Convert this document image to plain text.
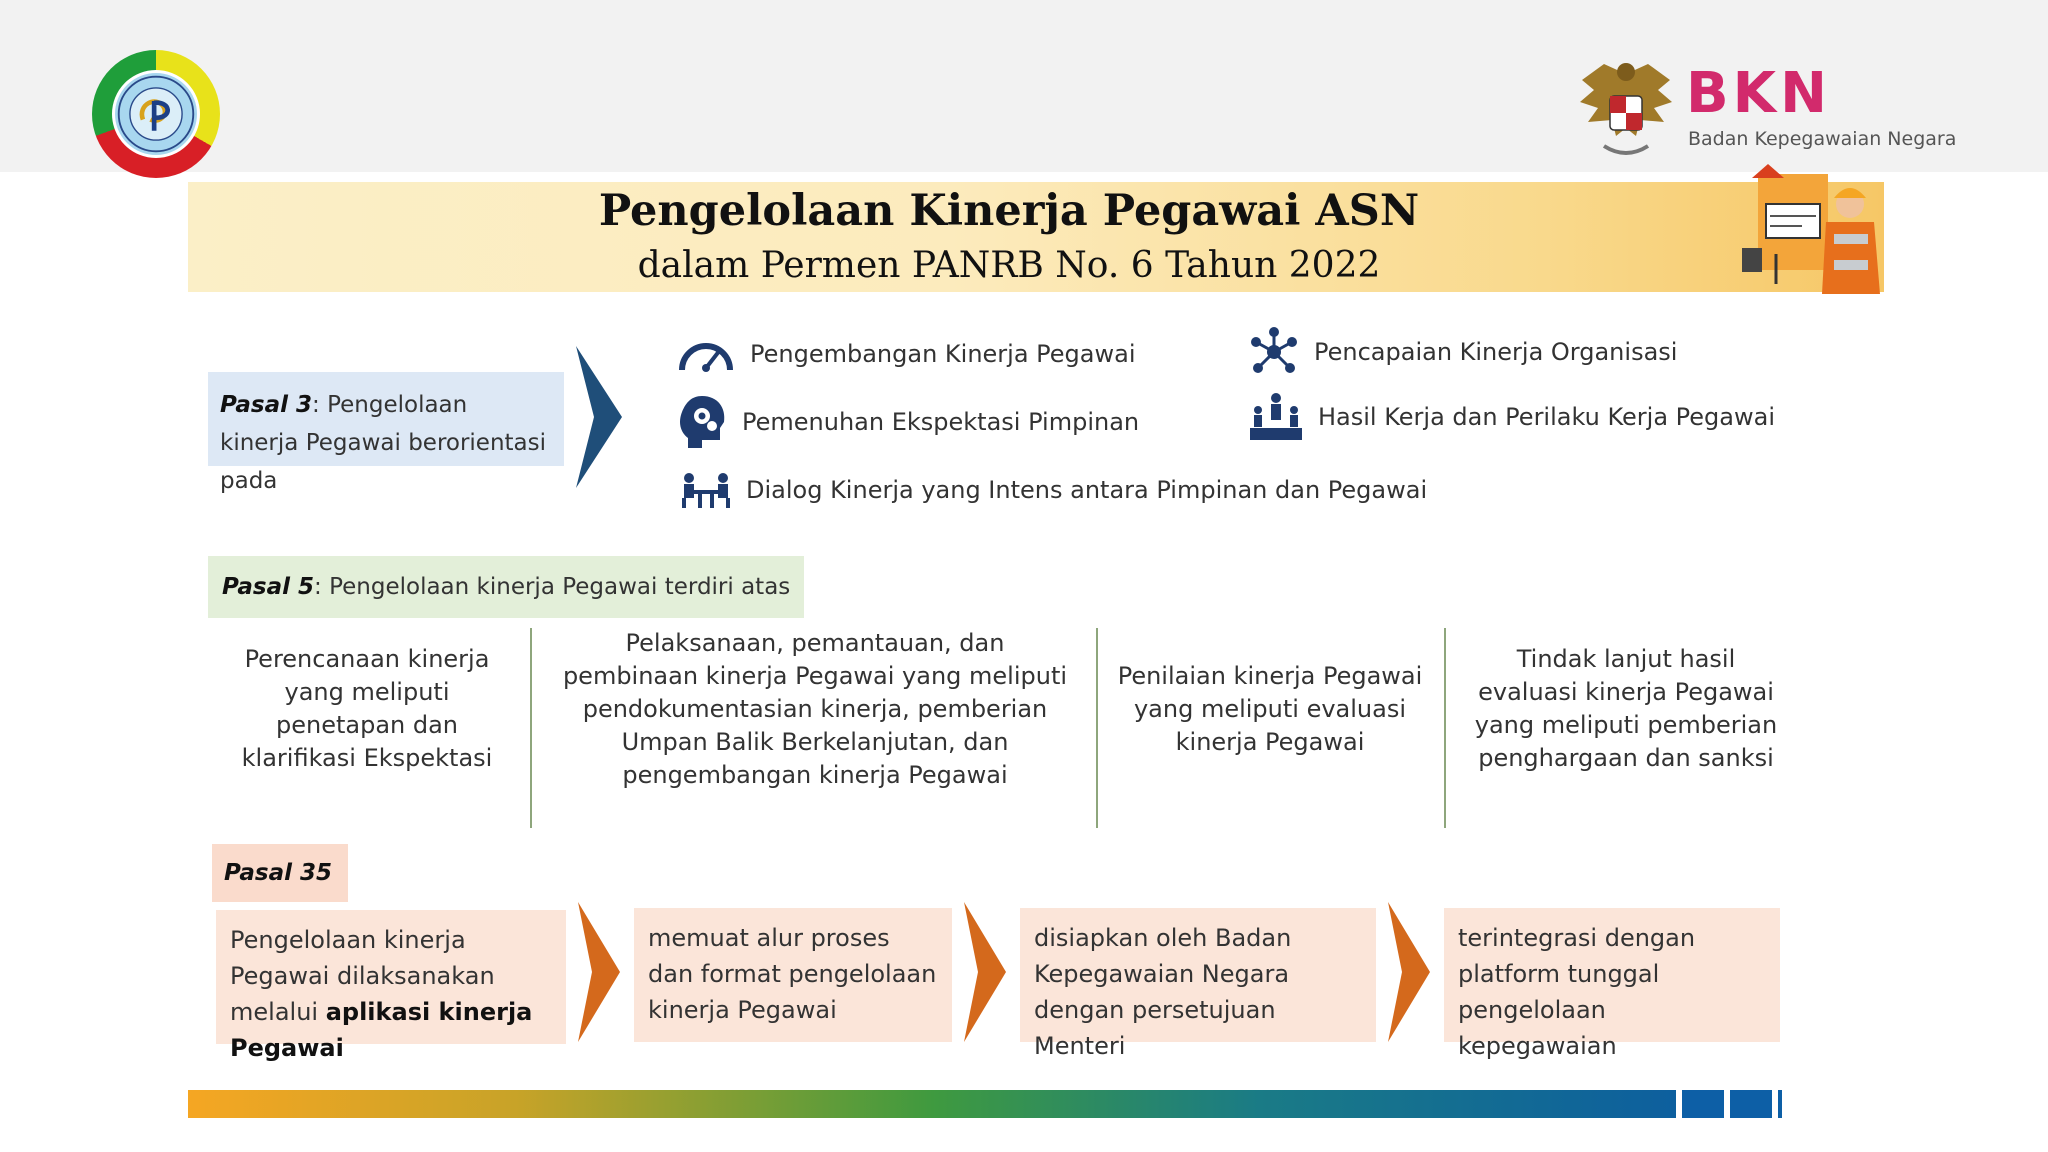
BKN
Badan Kepegawaian Negara
Pengelolaan Kinerja Pegawai ASN
dalam Permen PANRB No. 6 Tahun 2022
Pasal 3: Pengelolaan kinerja Pegawai berorientasi pada
Pengembangan Kinerja Pegawai	Pencapaian Kinerja Organisasi
Pemenuhan Ekspektasi Pimpinan	Hasil Kerja dan Perilaku Kerja Pegawai
Dialog Kinerja yang Intens antara Pimpinan dan Pegawai
Pasal 5: Pengelolaan kinerja Pegawai terdiri atas
Perencanaan kinerja yang meliputi penetapan dan klarifikasi Ekspektasi
Pelaksanaan, pemantauan, dan pembinaan kinerja Pegawai yang meliputi pendokumentasian kinerja, pemberian Umpan Balik Berkelanjutan, dan pengembangan kinerja Pegawai
Penilaian kinerja Pegawai yang meliputi evaluasi kinerja Pegawai
Tindak lanjut hasil evaluasi kinerja Pegawai yang meliputi pemberian penghargaan dan sanksi
Pasal 35
Pengelolaan kinerja Pegawai dilaksanakan melalui aplikasi kinerja Pegawai
memuat alur proses dan format pengelolaan kinerja Pegawai
disiapkan oleh Badan Kepegawaian Negara dengan persetujuan Menteri
terintegrasi dengan platform tunggal pengelolaan kepegawaian
